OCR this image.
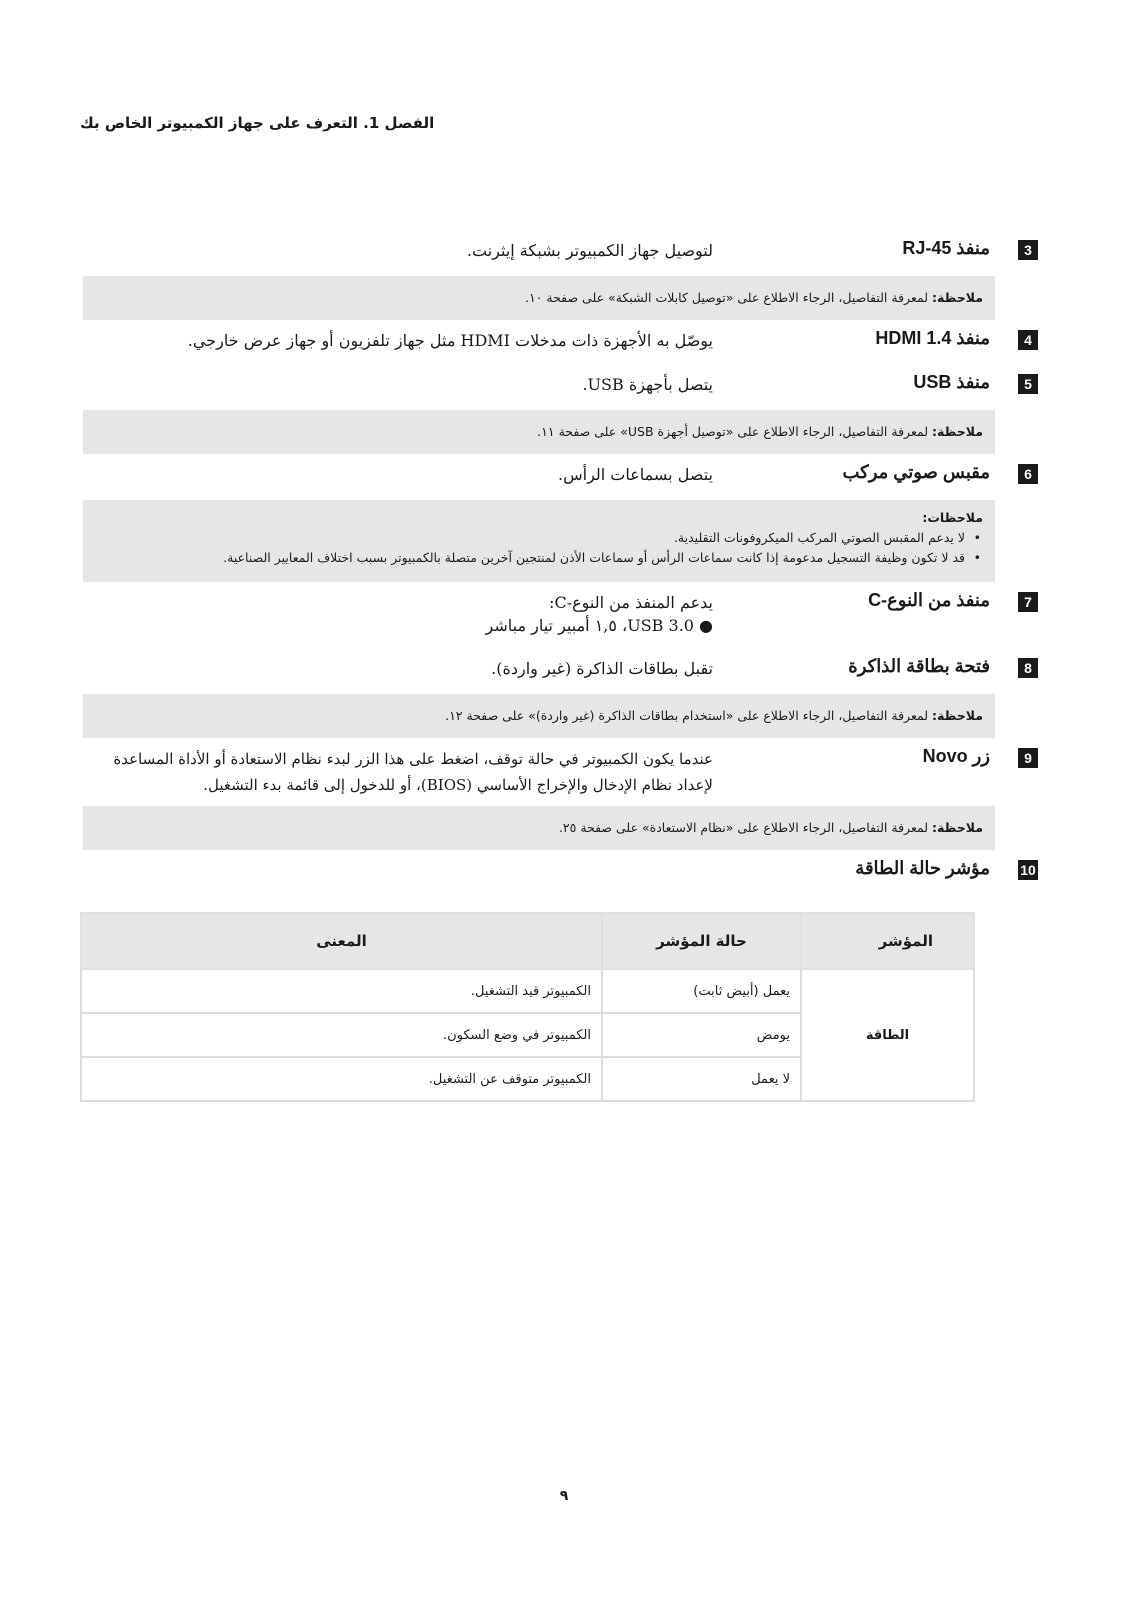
الفصل 1. التعرف على جهاز الكمبيوتر الخاص بك
3
منفذ RJ-45
لتوصيل جهاز الكمبيوتر بشبكة إيثرنت.
ملاحظة: لمعرفة التفاصيل، الرجاء الاطلاع على «توصيل كابلات الشبكة» على صفحة ١٠.
4
منفذ HDMI 1.4
يوصّل به الأجهزة ذات مدخلات HDMI مثل جهاز تلفزيون أو جهاز عرض خارجي.
5
منفذ USB
يتصل بأجهزة USB.
ملاحظة: لمعرفة التفاصيل، الرجاء الاطلاع على «توصيل أجهزة USB» على صفحة ١١.
6
مقبس صوتي مركب
يتصل بسماعات الرأس.
ملاحظات:
• لا يدعم المقبس الصوتي المركب الميكروفونات التقليدية.
• قد لا تكون وظيفة التسجيل مدعومة إذا كانت سماعات الرأس أو سماعات الأذن لمنتجين آخرين متصلة بالكمبيوتر بسبب اختلاف المعايير الصناعية.
7
منفذ من النوع-C
يدعم المنفذ من النوع-C:
● USB 3.0، ١,٥ أمبير تيار مباشر
8
فتحة بطاقة الذاكرة
تقبل بطاقات الذاكرة (غير واردة).
ملاحظة: لمعرفة التفاصيل، الرجاء الاطلاع على «استخدام بطاقات الذاكرة (غير واردة)» على صفحة ١٢.
9
زر Novo
عندما يكون الكمبيوتر في حالة توقف، اضغط على هذا الزر لبدء نظام الاستعادة أو الأداة المساعدة لإعداد نظام الإدخال والإخراج الأساسي (BIOS)، أو للدخول إلى قائمة بدء التشغيل.
ملاحظة: لمعرفة التفاصيل، الرجاء الاطلاع على «نظام الاستعادة» على صفحة ٢٥.
10
مؤشر حالة الطاقة
المؤشر	حالة المؤشر	المعنى
الطاقة	يعمل (أبيض ثابت)	الكمبيوتر قيد التشغيل.
	يومض	الكمبيوتر في وضع السكون.
	لا يعمل	الكمبيوتر متوقف عن التشغيل.
٩
